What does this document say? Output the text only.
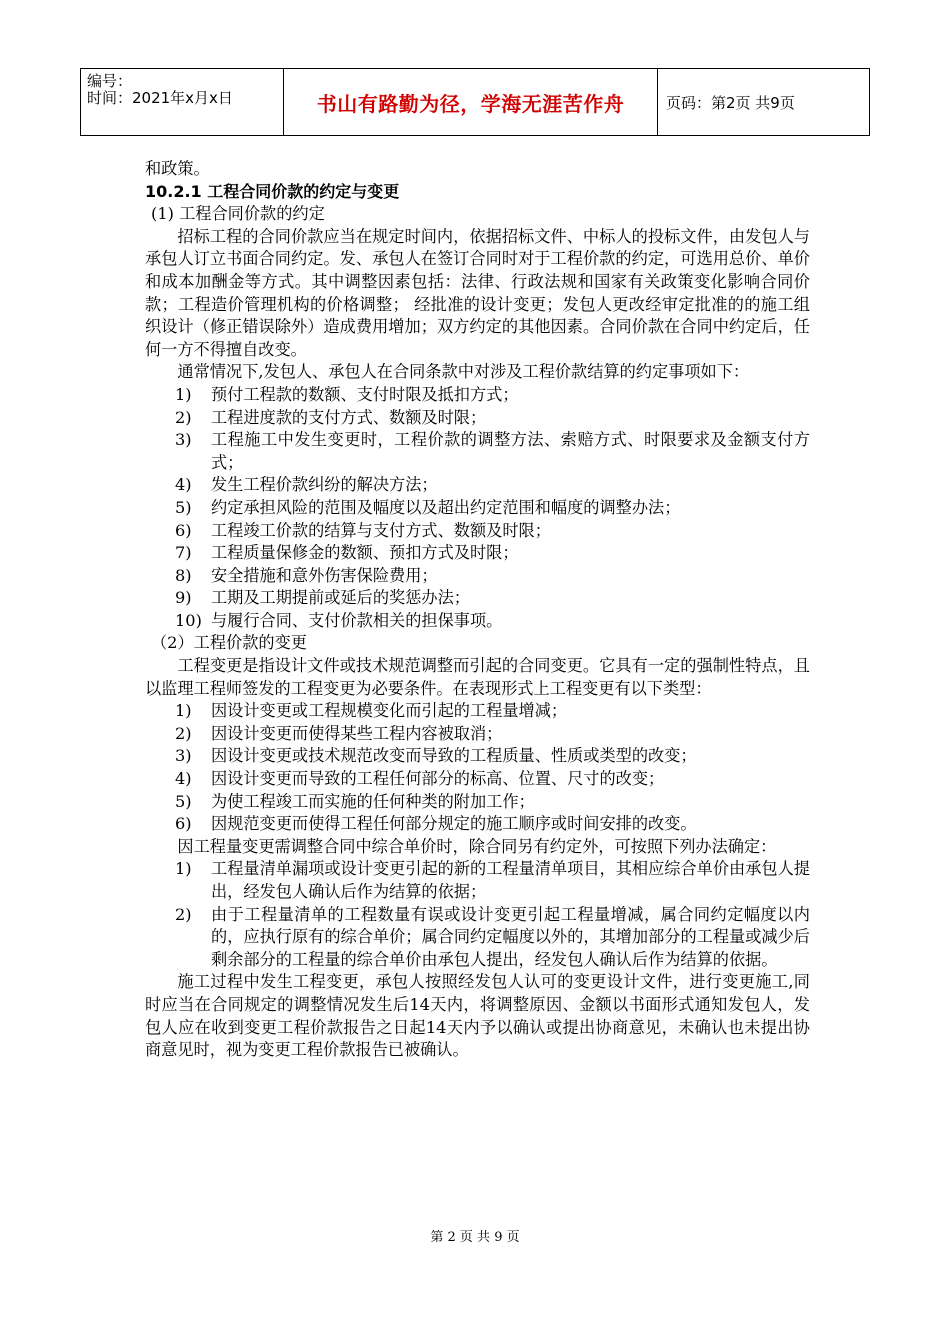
编号：
时间：2021年x月x日	书山有路勤为径，学海无涯苦作舟	页码：第2页 共9页

和政策。

10.2.1 工程合同价款的约定与变更

(1) 工程合同价款的约定

招标工程的合同价款应当在规定时间内，依据招标文件、中标人的投标文件，由发包人与承包人订立书面合同约定。发、承包人在签订合同时对于工程价款的约定，可选用总价、单价和成本加酬金等方式。其中调整因素包括：法律、行政法规和国家有关政策变化影响合同价款；工程造价管理机构的价格调整； 经批准的设计变更；发包人更改经审定批准的的施工组织设计（修正错误除外）造成费用增加；双方约定的其他因素。合同价款在合同中约定后，任何一方不得擅自改变。

通常情况下,发包人、承包人在合同条款中对涉及工程价款结算的约定事项如下：

1)	预付工程款的数额、支付时限及抵扣方式；
2)	工程进度款的支付方式、数额及时限；
3)	工程施工中发生变更时，工程价款的调整方法、索赔方式、时限要求及金额支付方式；
4)	发生工程价款纠纷的解决方法；
5)	约定承担风险的范围及幅度以及超出约定范围和幅度的调整办法；
6)	工程竣工价款的结算与支付方式、数额及时限；
7)	工程质量保修金的数额、预扣方式及时限；
8)	安全措施和意外伤害保险费用；
9)	工期及工期提前或延后的奖惩办法；
10) 与履行合同、支付价款相关的担保事项。

（2）工程价款的变更

工程变更是指设计文件或技术规范调整而引起的合同变更。它具有一定的强制性特点，且以监理工程师签发的工程变更为必要条件。在表现形式上工程变更有以下类型：

1)	因设计变更或工程规模变化而引起的工程量增减；
2)	因设计变更而使得某些工程内容被取消；
3)	因设计变更或技术规范改变而导致的工程质量、性质或类型的改变；
4)	因设计变更而导致的工程任何部分的标高、位置、尺寸的改变；
5)	为使工程竣工而实施的任何种类的附加工作；
6)	因规范变更而使得工程任何部分规定的施工顺序或时间安排的改变。

因工程量变更需调整合同中综合单价时，除合同另有约定外，可按照下列办法确定：

1)	工程量清单漏项或设计变更引起的新的工程量清单项目，其相应综合单价由承包人提出，经发包人确认后作为结算的依据；
2)	由于工程量清单的工程数量有误或设计变更引起工程量增减，属合同约定幅度以内的，应执行原有的综合单价；属合同约定幅度以外的，其增加部分的工程量或减少后剩余部分的工程量的综合单价由承包人提出，经发包人确认后作为结算的依据。

施工过程中发生工程变更，承包人按照经发包人认可的变更设计文件，进行变更施工,同时应当在合同规定的调整情况发生后14天内，将调整原因、金额以书面形式通知发包人，发包人应在收到变更工程价款报告之日起14天内予以确认或提出协商意见，未确认也未提出协商意见时，视为变更工程价款报告已被确认。

第 2 页 共 9 页
